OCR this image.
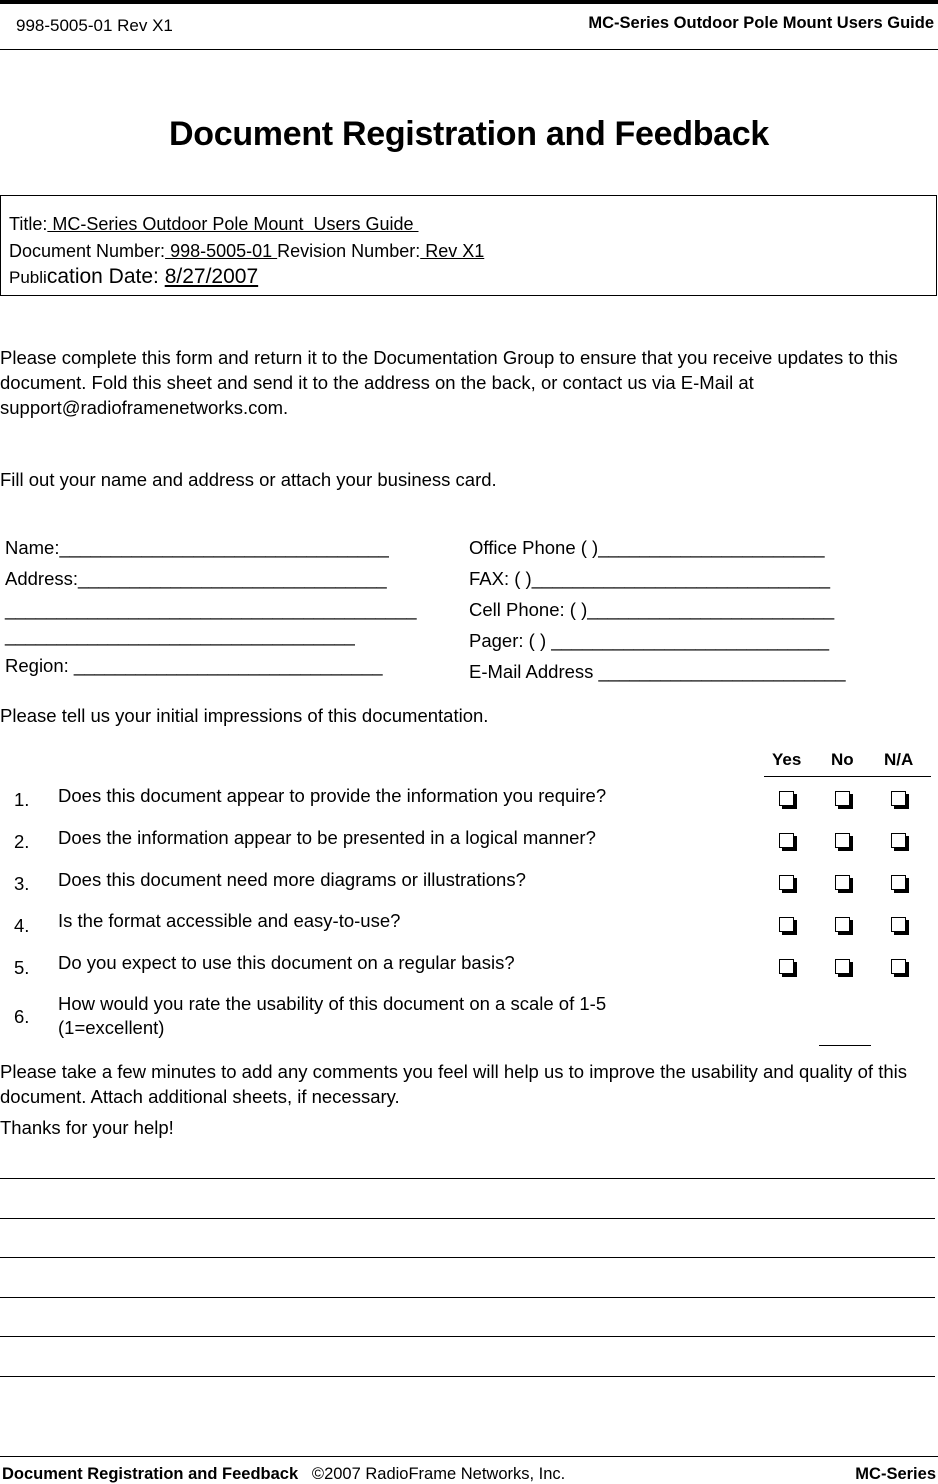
998-5005-01 Rev X1	MC-Series Outdoor Pole Mount Users Guide
Document Registration and Feedback
Title: MC-Series Outdoor Pole Mount  Users Guide
Document Number: 998-5005-01 Revision Number: Rev X1
Publication Date: 8/27/2007
Please complete this form and return it to the Documentation Group to ensure that you receive updates to this document. Fold this sheet and send it to the address on the back, or contact us via E-Mail at support@radioframenetworks.com.
Fill out your name and address or attach your business card.
Name:________________________________
Address:______________________________
________________________________________
__________________________________
Region: ______________________________
Office Phone ( )______________________
FAX: ( )_____________________________
Cell Phone: ( )________________________
Pager: ( ) ___________________________
E-Mail Address ________________________
Please tell us your initial impressions of this documentation.
Yes No N/A
1. Does this document appear to provide the information you require?
2. Does the information appear to be presented in a logical manner?
3. Does this document need more diagrams or illustrations?
4. Is the format accessible and easy-to-use?
5. Do you expect to use this document on a regular basis?
6.
How would you rate the usability of this document on a scale of 1-5 (1=excellent)
Please take a few minutes to add any comments you feel will help us to improve the usability and quality of this document. Attach additional sheets, if necessary.
Thanks for your help!
Document Registration and Feedback ©2007 RadioFrame Networks, Inc.	MC-Series
